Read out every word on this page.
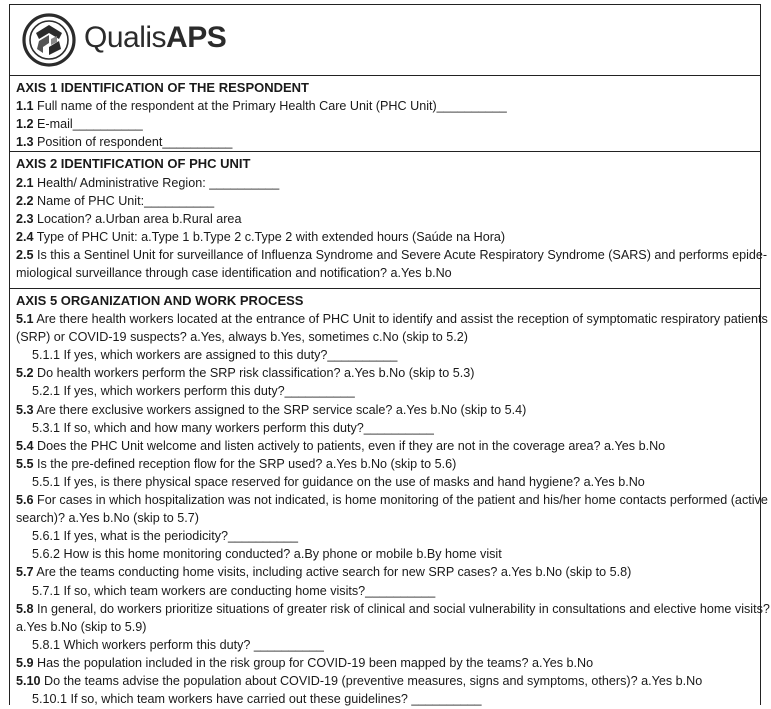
QualisAPS
AXIS 1 IDENTIFICATION OF THE RESPONDENT
1.1 Full name of the respondent at the Primary Health Care Unit (PHC Unit)__________
1.2 E-mail__________
1.3 Position of respondent__________
AXIS 2 IDENTIFICATION OF PHC UNIT
2.1 Health/ Administrative Region: __________
2.2 Name of PHC Unit:__________
2.3 Location? a.Urban area b.Rural area
2.4 Type of PHC Unit: a.Type 1 b.Type 2 c.Type 2 with extended hours (Saúde na Hora)
2.5 Is this a Sentinel Unit for surveillance of Influenza Syndrome and Severe Acute Respiratory Syndrome (SARS) and performs epide-
miological surveillance through case identification and notification? a.Yes b.No
AXIS 5 ORGANIZATION AND WORK PROCESS
5.1 Are there health workers located at the entrance of PHC Unit to identify and assist the reception of symptomatic respiratory patients
(SRP) or COVID-19 suspects? a.Yes, always b.Yes, sometimes c.No (skip to 5.2)
5.1.1 If yes, which workers are assigned to this duty?__________
5.2 Do health workers perform the SRP risk classification? a.Yes b.No (skip to 5.3)
5.2.1 If yes, which workers perform this duty?__________
5.3 Are there exclusive workers assigned to the SRP service scale? a.Yes b.No (skip to 5.4)
5.3.1 If so, which and how many workers perform this duty?__________
5.4 Does the PHC Unit welcome and listen actively to patients, even if they are not in the coverage area? a.Yes b.No
5.5 Is the pre-defined reception flow for the SRP used? a.Yes b.No (skip to 5.6)
5.5.1 If yes, is there physical space reserved for guidance on the use of masks and hand hygiene? a.Yes b.No
5.6 For cases in which hospitalization was not indicated, is home monitoring of the patient and his/her home contacts performed (active
search)? a.Yes b.No (skip to 5.7)
5.6.1 If yes, what is the periodicity?__________
5.6.2 How is this home monitoring conducted? a.By phone or mobile b.By home visit
5.7 Are the teams conducting home visits, including active search for new SRP cases? a.Yes b.No (skip to 5.8)
5.7.1 If so, which team workers are conducting home visits?__________
5.8 In general, do workers prioritize situations of greater risk of clinical and social vulnerability in consultations and elective home visits?
a.Yes b.No (skip to 5.9)
5.8.1 Which workers perform this duty? __________
5.9 Has the population included in the risk group for COVID-19 been mapped by the teams? a.Yes b.No
5.10 Do the teams advise the population about COVID-19 (preventive measures, signs and symptoms, others)? a.Yes b.No
5.10.1 If so, which team workers have carried out these guidelines? __________
